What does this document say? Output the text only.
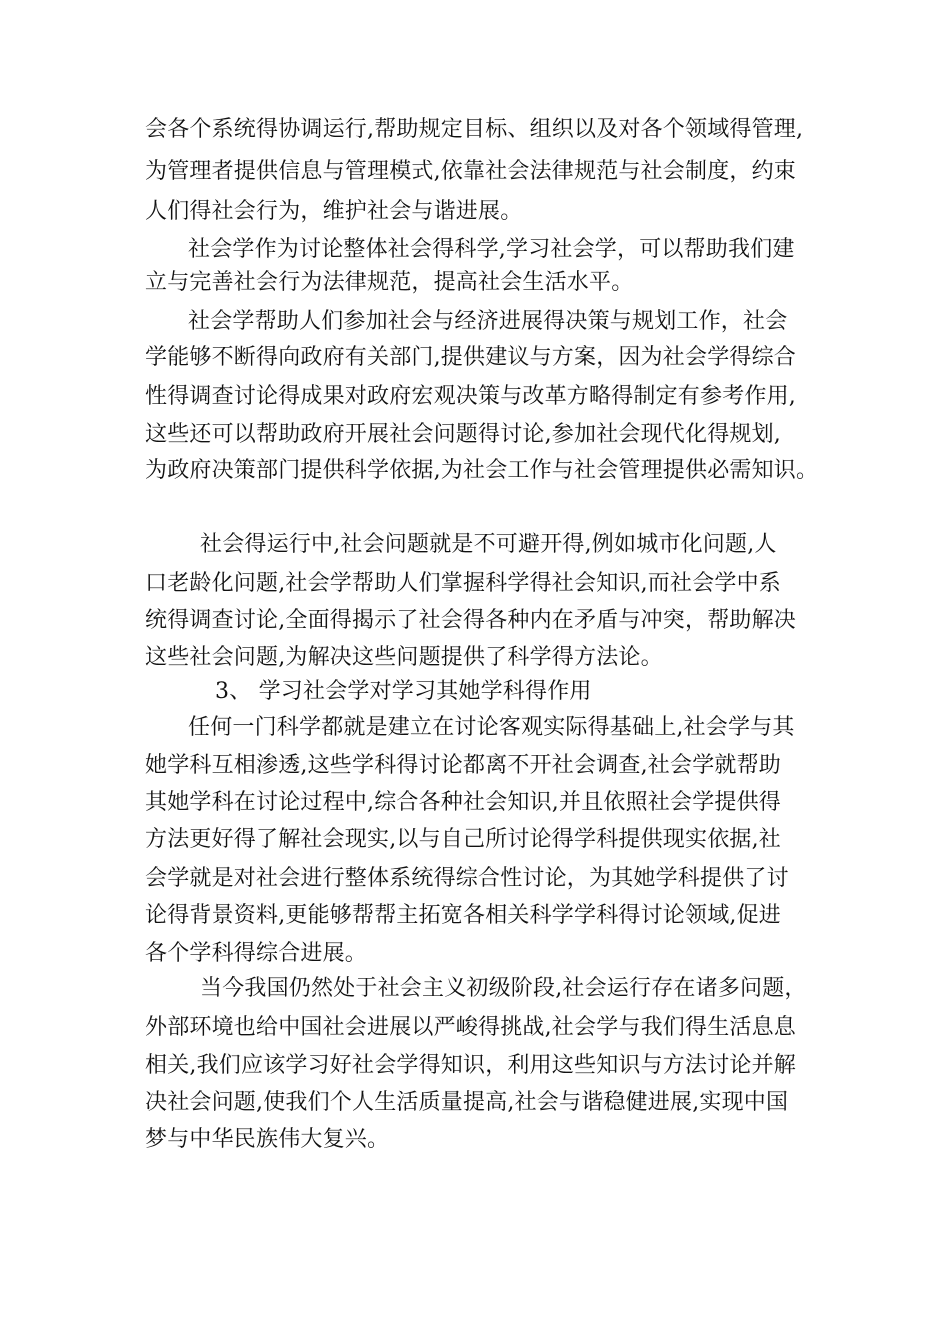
会各个系统得协调运行,帮助规定目标、组织以及对各个领域得管理,
为管理者提供信息与管理模式,依靠社会法律规范与社会制度，约束
人们得社会行为，维护社会与谐进展。
社会学作为讨论整体社会得科学,学习社会学，可以帮助我们建
立与完善社会行为法律规范，提高社会生活水平。
社会学帮助人们参加社会与经济进展得决策与规划工作，社会
学能够不断得向政府有关部门,提供建议与方案，因为社会学得综合
性得调查讨论得成果对政府宏观决策与改革方略得制定有参考作用,
这些还可以帮助政府开展社会问题得讨论,参加社会现代化得规划,
为政府决策部门提供科学依据,为社会工作与社会管理提供必需知识。
社会得运行中,社会问题就是不可避开得,例如城市化问题,人
口老龄化问题,社会学帮助人们掌握科学得社会知识,而社会学中系
统得调查讨论,全面得揭示了社会得各种内在矛盾与冲突，帮助解决
这些社会问题,为解决这些问题提供了科学得方法论。
3、 学习社会学对学习其她学科得作用
任何一门科学都就是建立在讨论客观实际得基础上,社会学与其
她学科互相渗透,这些学科得讨论都离不开社会调查,社会学就帮助
其她学科在讨论过程中,综合各种社会知识,并且依照社会学提供得
方法更好得了解社会现实,以与自己所讨论得学科提供现实依据,社
会学就是对社会进行整体系统得综合性讨论，为其她学科提供了讨
论得背景资料,更能够帮帮主拓宽各相关科学学科得讨论领域,促进
各个学科得综合进展。
当今我国仍然处于社会主义初级阶段,社会运行存在诸多问题，
外部环境也给中国社会进展以严峻得挑战,社会学与我们得生活息息
相关,我们应该学习好社会学得知识，利用这些知识与方法讨论并解
决社会问题,使我们个人生活质量提高,社会与谐稳健进展,实现中国
梦与中华民族伟大复兴。
